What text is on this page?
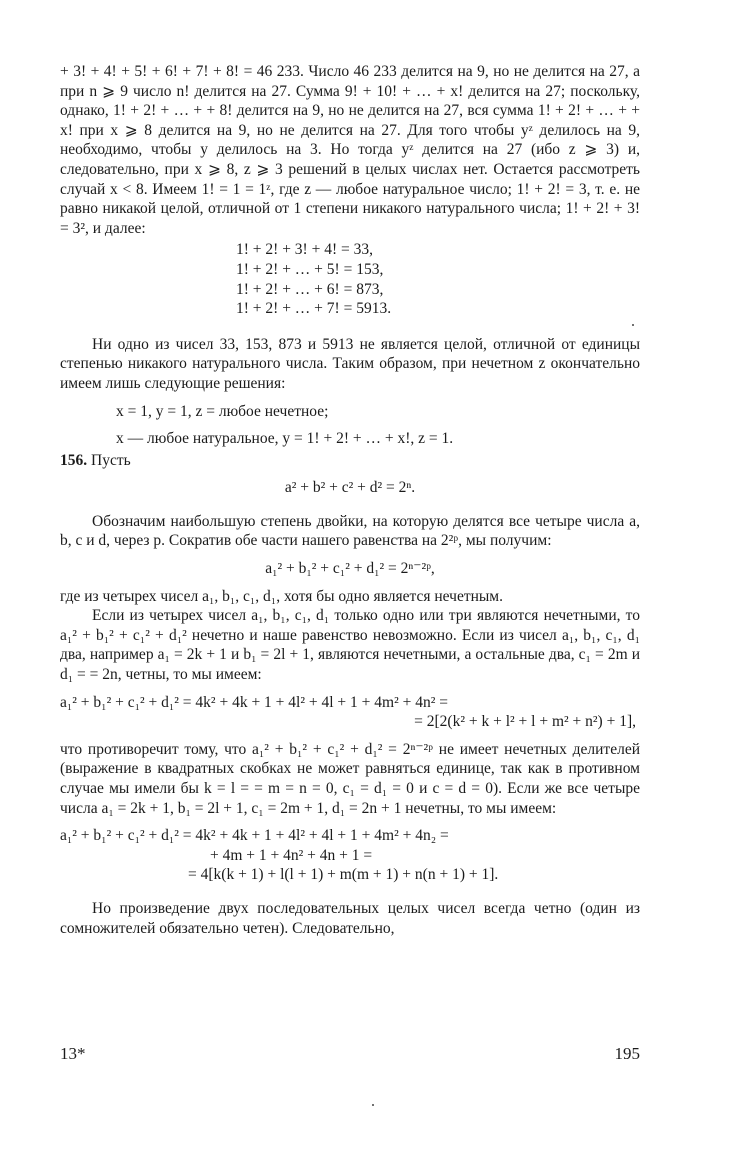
+ 3! + 4! + 5! + 6! + 7! + 8! = 46 233. Число 46 233 делится на 9, но не делится на 27, а при n ⩾ 9 число n! делится на 27. Сумма 9! + 10! + … + x! делится на 27; поскольку, однако, 1! + 2! + … + + 8! делится на 9, но не делится на 27, вся сумма 1! + 2! + … + + x! при x ⩾ 8 делится на 9, но не делится на 27. Для того чтобы yᶻ делилось на 9, необходимо, чтобы y делилось на 3. Но тогда yᶻ делится на 27 (ибо z ⩾ 3) и, следовательно, при x ⩾ 8, z ⩾ 3 решений в целых числах нет. Остается рассмотреть случай x < 8. Имеем 1! = 1 = 1ᶻ, где z — любое натуральное число; 1! + 2! = 3, т. е. не равно никакой целой, отличной от 1 степени никакого натурального числа; 1! + 2! + 3! = 3², и далее:

1! + 2! + 3! + 4! = 33,
1! + 2! + … + 5! = 153,
1! + 2! + … + 6! = 873,
1! + 2! + … + 7! = 5913.

Ни одно из чисел 33, 153, 873 и 5913 не является целой, отличной от единицы степенью никакого натурального числа. Таким образом, при нечетном z окончательно имеем лишь следующие решения:

x = 1, y = 1, z = любое нечетное;

x — любое натуральное, y = 1! + 2! + … + x!, z = 1.

156. Пусть

a² + b² + c² + d² = 2ⁿ.

Обозначим наибольшую степень двойки, на которую делятся все четыре числа a, b, c и d, через p. Сократив обе части нашего равенства на 2²ᵖ, мы получим:

a₁² + b₁² + c₁² + d₁² = 2ⁿ⁻²ᵖ,

где из четырех чисел a₁, b₁, c₁, d₁, хотя бы одно является нечетным.

Если из четырех чисел a₁, b₁, c₁, d₁ только одно или три являются нечетными, то a₁² + b₁² + c₁² + d₁² нечетно и наше равенство невозможно. Если из чисел a₁, b₁, c₁, d₁ два, например a₁ = 2k + 1 и b₁ = 2l + 1, являются нечетными, а остальные два, c₁ = 2m и d₁ = = 2n, четны, то мы имеем:

a₁² + b₁² + c₁² + d₁² = 4k² + 4k + 1 + 4l² + 4l + 1 + 4m² + 4n² =

= 2[2(k² + k + l² + l + m² + n²) + 1],

что противоречит тому, что a₁² + b₁² + c₁² + d₁² = 2ⁿ⁻²ᵖ не имеет нечетных делителей (выражение в квадратных скобках не может равняться единице, так как в противном случае мы имели бы k = l = = m = n = 0, c₁ = d₁ = 0 и c = d = 0). Если же все четыре числа a₁ = 2k + 1, b₁ = 2l + 1, c₁ = 2m + 1, d₁ = 2n + 1 нечетны, то мы имеем:

a₁² + b₁² + c₁² + d₁² = 4k² + 4k + 1 + 4l² + 4l + 1 + 4m² + 4n₂ =

+ 4m + 1 + 4n² + 4n + 1 =

= 4[k(k + 1) + l(l + 1) + m(m + 1) + n(n + 1) + 1].

Но произведение двух последовательных целых чисел всегда четно (один из сомножителей обязательно четен). Следовательно,

13*	195
